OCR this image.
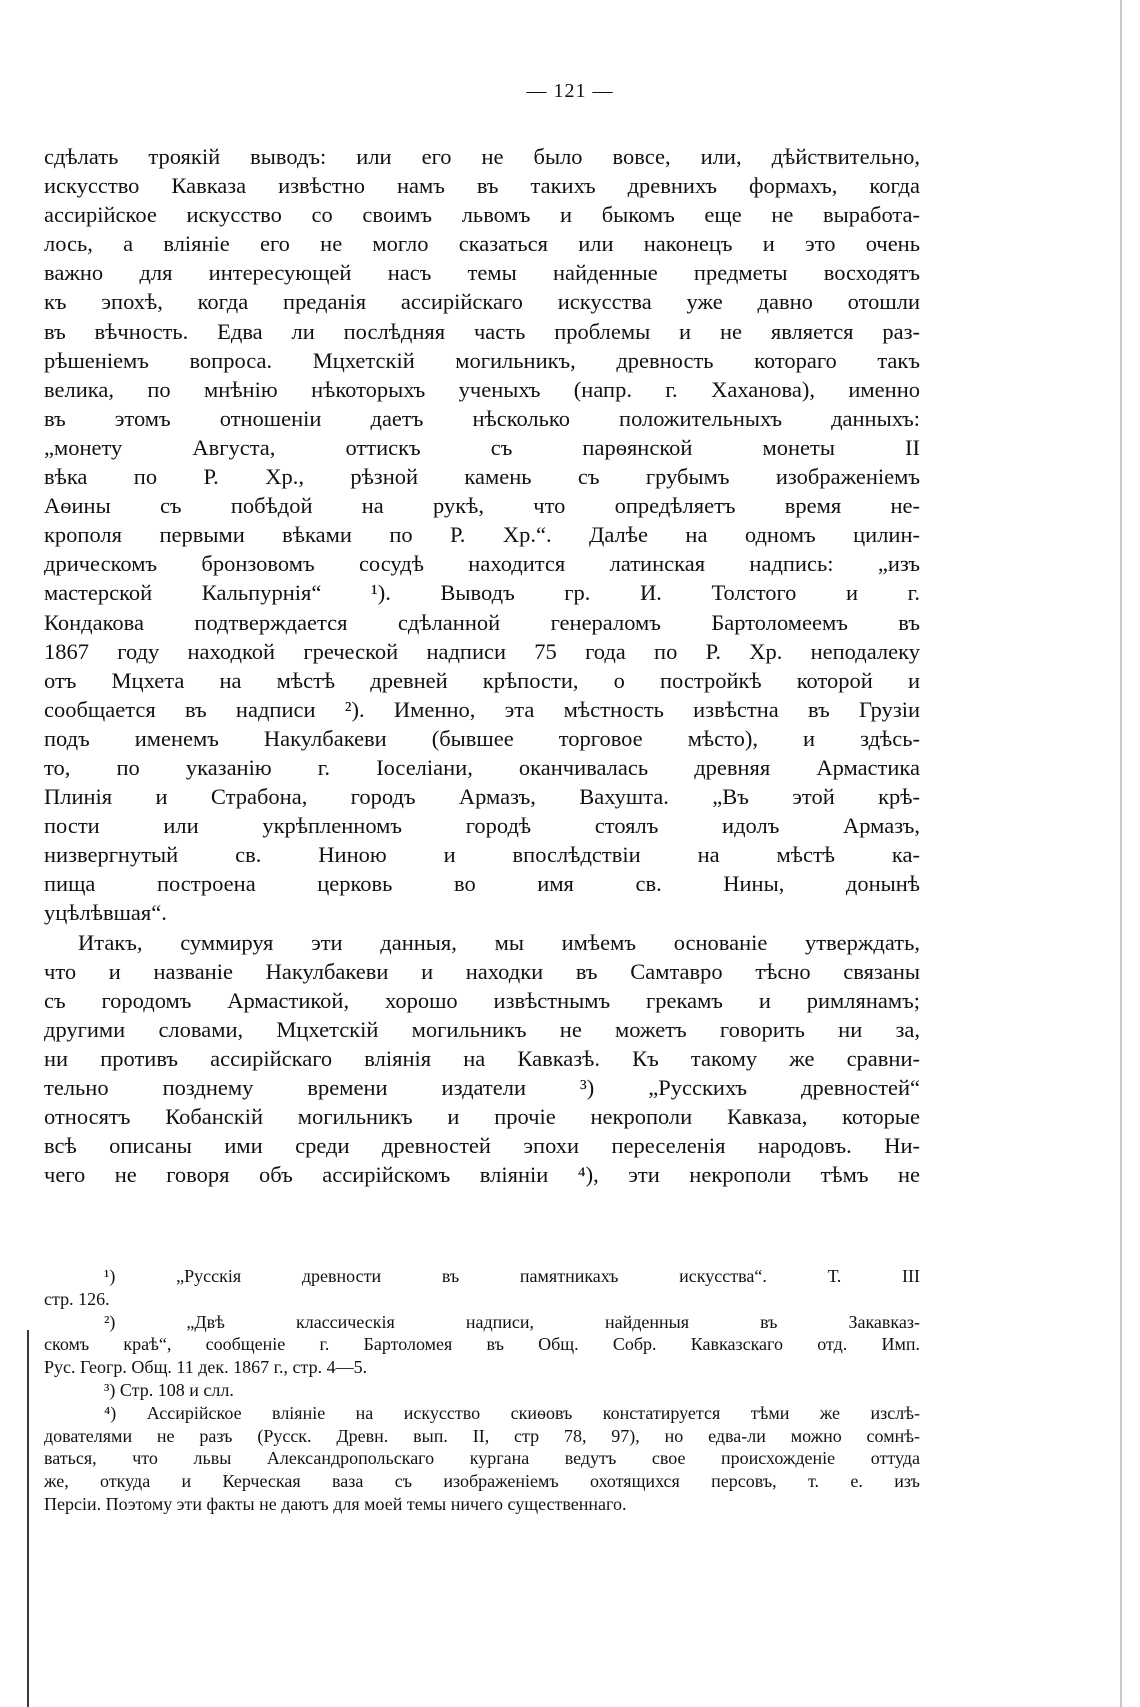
— 121 —
сдѣлать троякій выводъ: или его не было вовсе, или, дѣйствительно,
искусство Кавказа извѣстно намъ въ такихъ древнихъ формахъ, когда
ассирійское искусство со своимъ львомъ и быкомъ еще не выработа-
лось, а вліяніе его не могло сказаться или наконецъ и это очень
важно для интересующей насъ темы найденные предметы восходятъ
къ эпохѣ, когда преданія ассирійскаго искусства уже давно отошли
въ вѣчность. Едва ли послѣдняя часть проблемы и не является раз-
рѣшеніемъ вопроса. Мцхетскій могильникъ, древность котораго такъ
велика, по мнѣнію нѣкоторыхъ ученыхъ (напр. г. Хаханова), именно
въ этомъ отношеніи даетъ нѣсколько положительныхъ данныхъ:
„монету Августа, оттискъ съ парѳянской монеты II
вѣка по Р. Хр., рѣзной камень съ грубымъ изображеніемъ
Аѳины съ побѣдой на рукѣ, что опредѣляетъ время не-
крополя первыми вѣками по Р. Хр.“. Далѣе на одномъ цилин-
дрическомъ бронзовомъ сосудѣ находится латинская надпись: „изъ
мастерской Кальпурнія“ ¹). Выводъ гр. И. Толстого и г.
Кондакова подтверждается сдѣланной генераломъ Бартоломеемъ въ
1867 году находкой греческой надписи 75 года по Р. Хр. неподалеку
отъ Мцхета на мѣстѣ древней крѣпости, о постройкѣ которой и
сообщается въ надписи ²). Именно, эта мѣстность извѣстна въ Грузіи
подъ именемъ Накулбакеви (бывшее торговое мѣсто), и здѣсь-
то, по указанію г. Іоселіани, оканчивалась древняя Армастика
Плинія и Страбона, городъ Армазъ, Вахушта. „Въ этой крѣ-
пости или укрѣпленномъ городѣ стоялъ идолъ Армазъ,
низвергнутый св. Ниною и впослѣдствіи на мѣстѣ ка-
пища построена церковь во имя св. Нины, донынѣ
уцѣлѣвшая“.
Итакъ, суммируя эти данныя, мы имѣемъ основаніе утверждать,
что и названіе Накулбакеви и находки въ Самтавро тѣсно связаны
съ городомъ Армастикой, хорошо извѣстнымъ грекамъ и римлянамъ;
другими словами, Мцхетскій могильникъ не можетъ говорить ни за,
ни противъ ассирійскаго вліянія на Кавказѣ. Къ такому же сравни-
тельно позднему времени издатели ³) „Русскихъ древностей“
относятъ Кобанскій могильникъ и прочіе некрополи Кавказа, которые
всѣ описаны ими среди древностей эпохи переселенія народовъ. Ни-
чего не говоря объ ассирійскомъ вліяніи ⁴), эти некрополи тѣмъ не
¹) „Русскія древности въ памятникахъ искусства“. Т. III
стр. 126.
²) „Двѣ классическія надписи, найденныя въ Закавказ-
скомъ краѣ“, сообщеніе г. Бартоломея въ Общ. Собр. Кавказскаго отд. Имп.
Рус. Геогр. Общ. 11 дек. 1867 г., стр. 4—5.
³) Стр. 108 и слл.
⁴) Ассирійское вліяніе на искусство скиѳовъ констатируется тѣми же изслѣ-
дователями не разъ (Русск. Древн. вып. II, стр 78, 97), но едва-ли можно сомнѣ-
ваться, что львы Александропольскаго кургана ведутъ свое происхожденіе оттуда
же, откуда и Керческая ваза съ изображеніемъ охотящихся персовъ, т. е. изъ
Персіи. Поэтому эти факты не даютъ для моей темы ничего существеннаго.
